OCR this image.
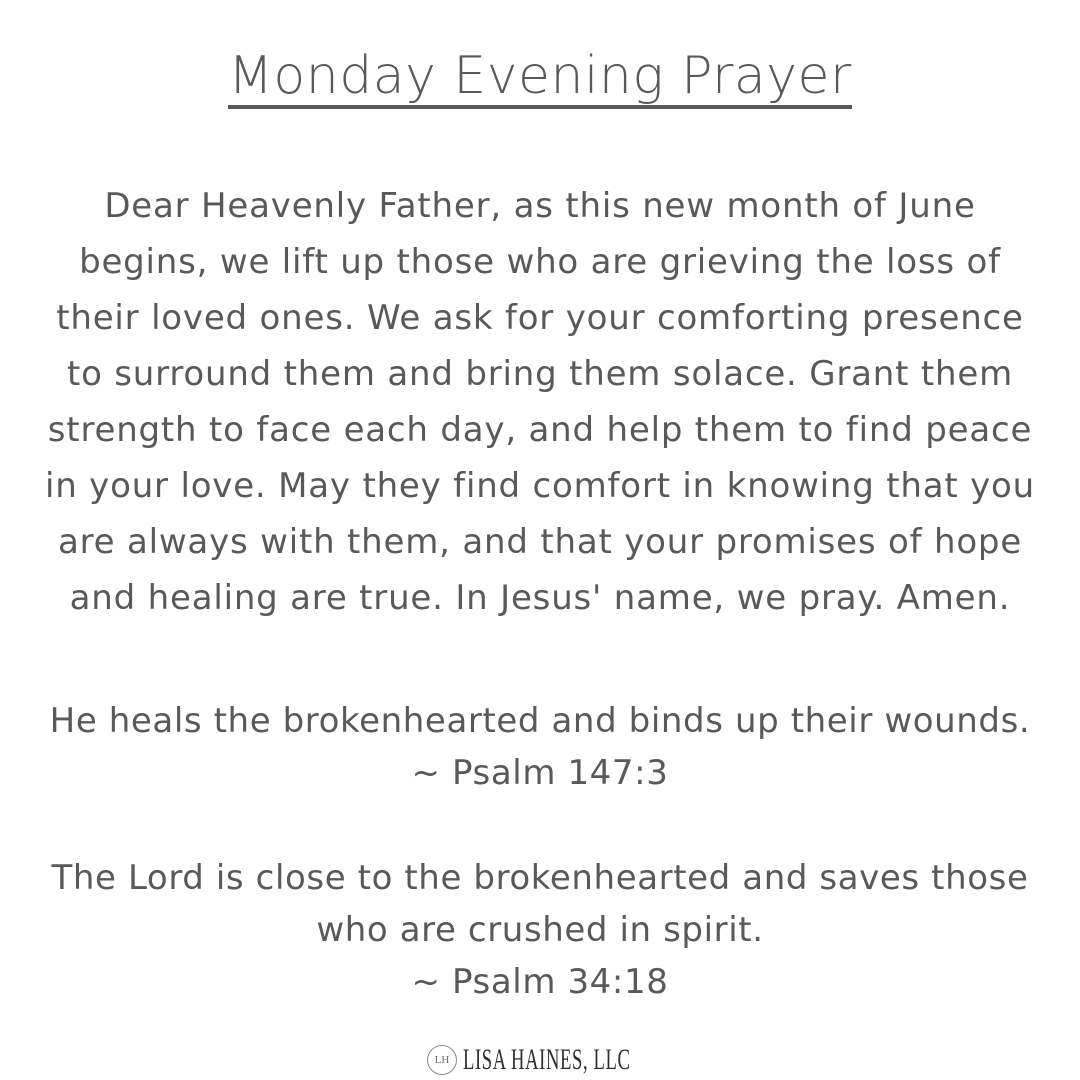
Monday Evening Prayer
Dear Heavenly Father, as this new month of June
begins, we lift up those who are grieving the loss of
their loved ones. We ask for your comforting presence
to surround them and bring them solace. Grant them
strength to face each day, and help them to find peace
in your love. May they find comfort in knowing that you
are always with them, and that your promises of hope
and healing are true. In Jesus' name, we pray. Amen.
He heals the brokenhearted and binds up their wounds.
~ Psalm 147:3
The Lord is close to the brokenhearted and saves those
who are crushed in spirit.
~ Psalm 34:18
LH LISA HAINES, LLC
